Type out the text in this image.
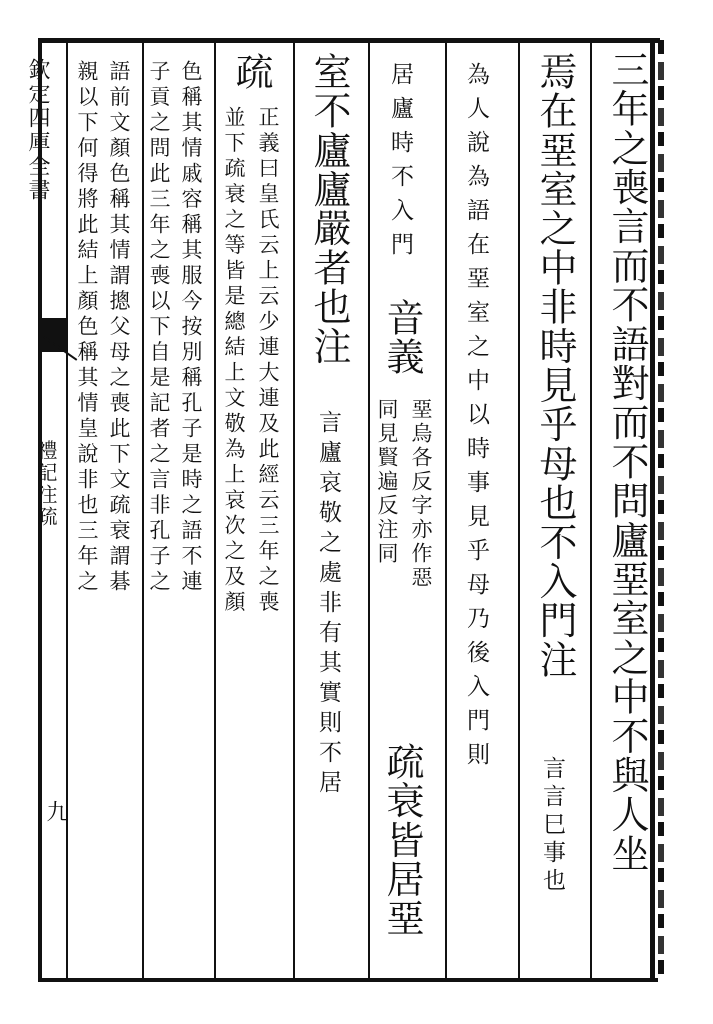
欽定四庫全書
禮記注疏
九	三年之喪言而不語對而不問廬堊室之中不與人坐
焉在堊室之中非時見乎母也不入門注
言言巳事也
為人說為語在堊室之中以時事見乎母乃後入門則
居廬時不入門
音義
堊烏各反字亦作惡
同見賢遍反注同
疏衰皆居堊
室不廬廬嚴者也注
言廬哀敬之處非有其實則不居
疏
正義曰皇氏云上云少連大連及此經云三年之喪
並下疏衰之等皆是總結上文敬為上哀次之及顏
色稱其情戚容稱其服今按別稱孔子是時之語不連
子貢之問此三年之喪以下自是記者之言非孔子之
語前文顏色稱其情謂摠父母之喪此下文疏衰謂碁
親以下何得將此結上顏色稱其情皇說非也三年之
